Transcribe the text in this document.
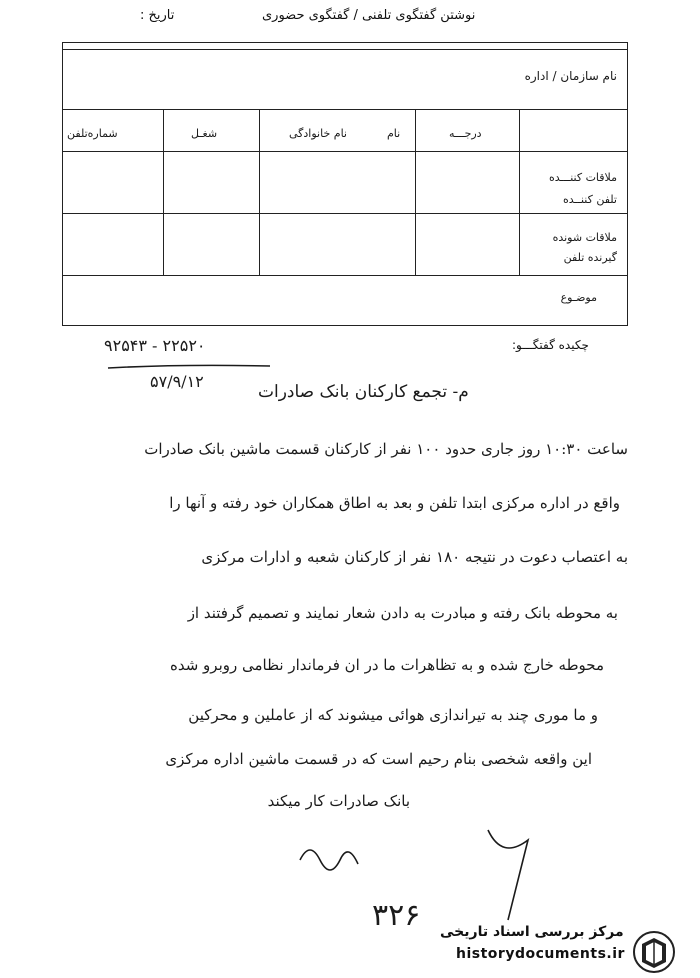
نوشتن گفتگوی تلفنی / گفتگوی حضوری
تاریخ :
نام سازمان / اداره
شماره‌تلفن	شغـل	نام خانوادگی	نام	درجـــه
ملاقات کننـــده
تلفن کننــده
ملاقات شونده
گیرنده تلفن
موضـوع
چکیده گفتگـــو:
۲۲۵۲۰ - ۹۲۵۴۳
۵۷/۹/۱۲
م- تجمع کارکنان بانک صادرات
ساعت ۱۰:۳۰ روز جاری حدود ۱۰۰ نفر از کارکنان قسمت ماشین بانک صادرات
واقع در اداره مرکزی ابتدا تلفن و بعد به اطاق همکاران خود رفته و آنها را
به اعتصاب دعوت در نتیجه ۱۸۰ نفر از کارکنان شعبه و ادارات مرکزی
به محوطه بانک رفته و مبادرت به دادن شعار نمایند و تصمیم گرفتند از
محوطه خارج شده و به تظاهرات ما در ان فرماندار نظامی روبرو شده
و ما موری چند به تیراندازی هوائی میشوند که از عاملین و محرکین
این واقعه شخصی بنام رحیم است که در قسمت ماشین اداره مرکزی
بانک صادرات کار میکند
۳۲۶ مرکز بررسی اسناد تاریخی
historydocuments.ir
